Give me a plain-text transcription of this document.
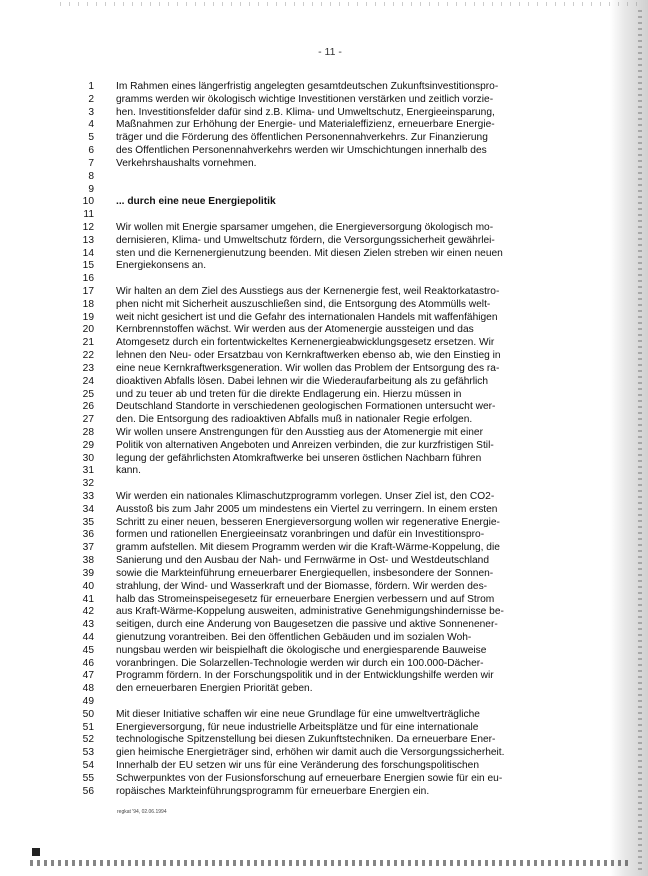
- 11 -
1
2
3
4
5
6
7
8
9
10
11
12
13
14
15
16
17
18
19
20
21
22
23
24
25
26
27
28
29
30
31
32
33
34
35
36
37
38
39
40
41
42
43
44
45
46
47
48
49
50
51
52
53
54
55
56
Im Rahmen eines längerfristig angelegten gesamtdeutschen Zukunftsinvestitionspro-
gramms werden wir ökologisch wichtige Investitionen verstärken und zeitlich vorzie-
hen. Investitionsfelder dafür sind z.B. Klima- und Umweltschutz, Energieeinsparung,
Maßnahmen zur Erhöhung der Energie- und Materialeffizienz, erneuerbare Energie-
träger und die Förderung des öffentlichen Personennahverkehrs. Zur Finanzierung
des Öffentlichen Personennahverkehrs werden wir Umschichtungen innerhalb des
Verkehrshaushalts vornehmen.
... durch eine neue Energiepolitik
Wir wollen mit Energie sparsamer umgehen, die Energieversorgung ökologisch mo-
dernisieren, Klima- und Umweltschutz fördern, die Versorgungssicherheit gewährlei-
sten und die Kernenergienutzung beenden. Mit diesen Zielen streben wir einen neuen
Energiekonsens an.
Wir halten an dem Ziel des Ausstiegs aus der Kernenergie fest, weil Reaktorkatastro-
phen nicht mit Sicherheit auszuschließen sind, die Entsorgung des Atommülls welt-
weit nicht gesichert ist und die Gefahr des internationalen Handels mit waffenfähigen
Kernbrennstoffen wächst. Wir werden aus der Atomenergie aussteigen und das
Atomgesetz durch ein fortentwickeltes Kernenergieabwicklungsgesetz ersetzen. Wir
lehnen den Neu- oder Ersatzbau von Kernkraftwerken ebenso ab, wie den Einstieg in
eine neue Kernkraftwerksgeneration. Wir wollen das Problem der Entsorgung des ra-
dioaktiven Abfalls lösen. Dabei lehnen wir die Wiederaufarbeitung als zu gefährlich
und zu teuer ab und treten für die direkte Endlagerung ein. Hierzu müssen in
Deutschland Standorte in verschiedenen geologischen Formationen untersucht wer-
den. Die Entsorgung des radioaktiven Abfalls muß in nationaler Regie erfolgen.
Wir wollen unsere Anstrengungen für den Ausstieg aus der Atomenergie mit einer
Politik von alternativen Angeboten und Anreizen verbinden, die zur kurzfristigen Stil-
legung der gefährlichsten Atomkraftwerke bei unseren östlichen Nachbarn führen
kann.
Wir werden ein nationales Klimaschutzprogramm vorlegen. Unser Ziel ist, den CO2-
Ausstoß bis zum Jahr 2005 um mindestens ein Viertel zu verringern. In einem ersten
Schritt zu einer neuen, besseren Energieversorgung wollen wir regenerative Energie-
formen und rationellen Energieeinsatz voranbringen und dafür ein Investitionspro-
gramm aufstellen. Mit diesem Programm werden wir die Kraft-Wärme-Koppelung, die
Sanierung und den Ausbau der Nah- und Fernwärme in Ost- und Westdeutschland
sowie die Markteinführung erneuerbarer Energiequellen, insbesondere der Sonnen-
strahlung, der Wind- und Wasserkraft und der Biomasse, fördern. Wir werden des-
halb das Stromeinspeisegesetz für erneuerbare Energien verbessern und auf Strom
aus Kraft-Wärme-Koppelung ausweiten, administrative Genehmigungshindernisse be-
seitigen, durch eine Änderung von Baugesetzen die passive und aktive Sonnenener-
gienutzung vorantreiben. Bei den öffentlichen Gebäuden und im sozialen Woh-
nungsbau werden wir beispielhaft die ökologische und energiesparende Bauweise
voranbringen. Die Solarzellen-Technologie werden wir durch ein 100.000-Dächer-
Programm fördern. In der Forschungspolitik und in der Entwicklungshilfe werden wir
den erneuerbaren Energien Priorität geben.
Mit dieser Initiative schaffen wir eine neue Grundlage für eine umweltverträgliche
Energieversorgung, für neue industrielle Arbeitsplätze und für eine internationale
technologische Spitzenstellung bei diesen Zukunftstechniken. Da erneuerbare Ener-
gien heimische Energieträger sind, erhöhen wir damit auch die Versorgungssicherheit.
Innerhalb der EU setzen wir uns für eine Veränderung des forschungspolitischen
Schwerpunktes von der Fusionsforschung auf erneuerbare Energien sowie für ein eu-
ropäisches Markteinführungsprogramm für erneuerbare Energien ein.
regkat '94, 02.06.1994
